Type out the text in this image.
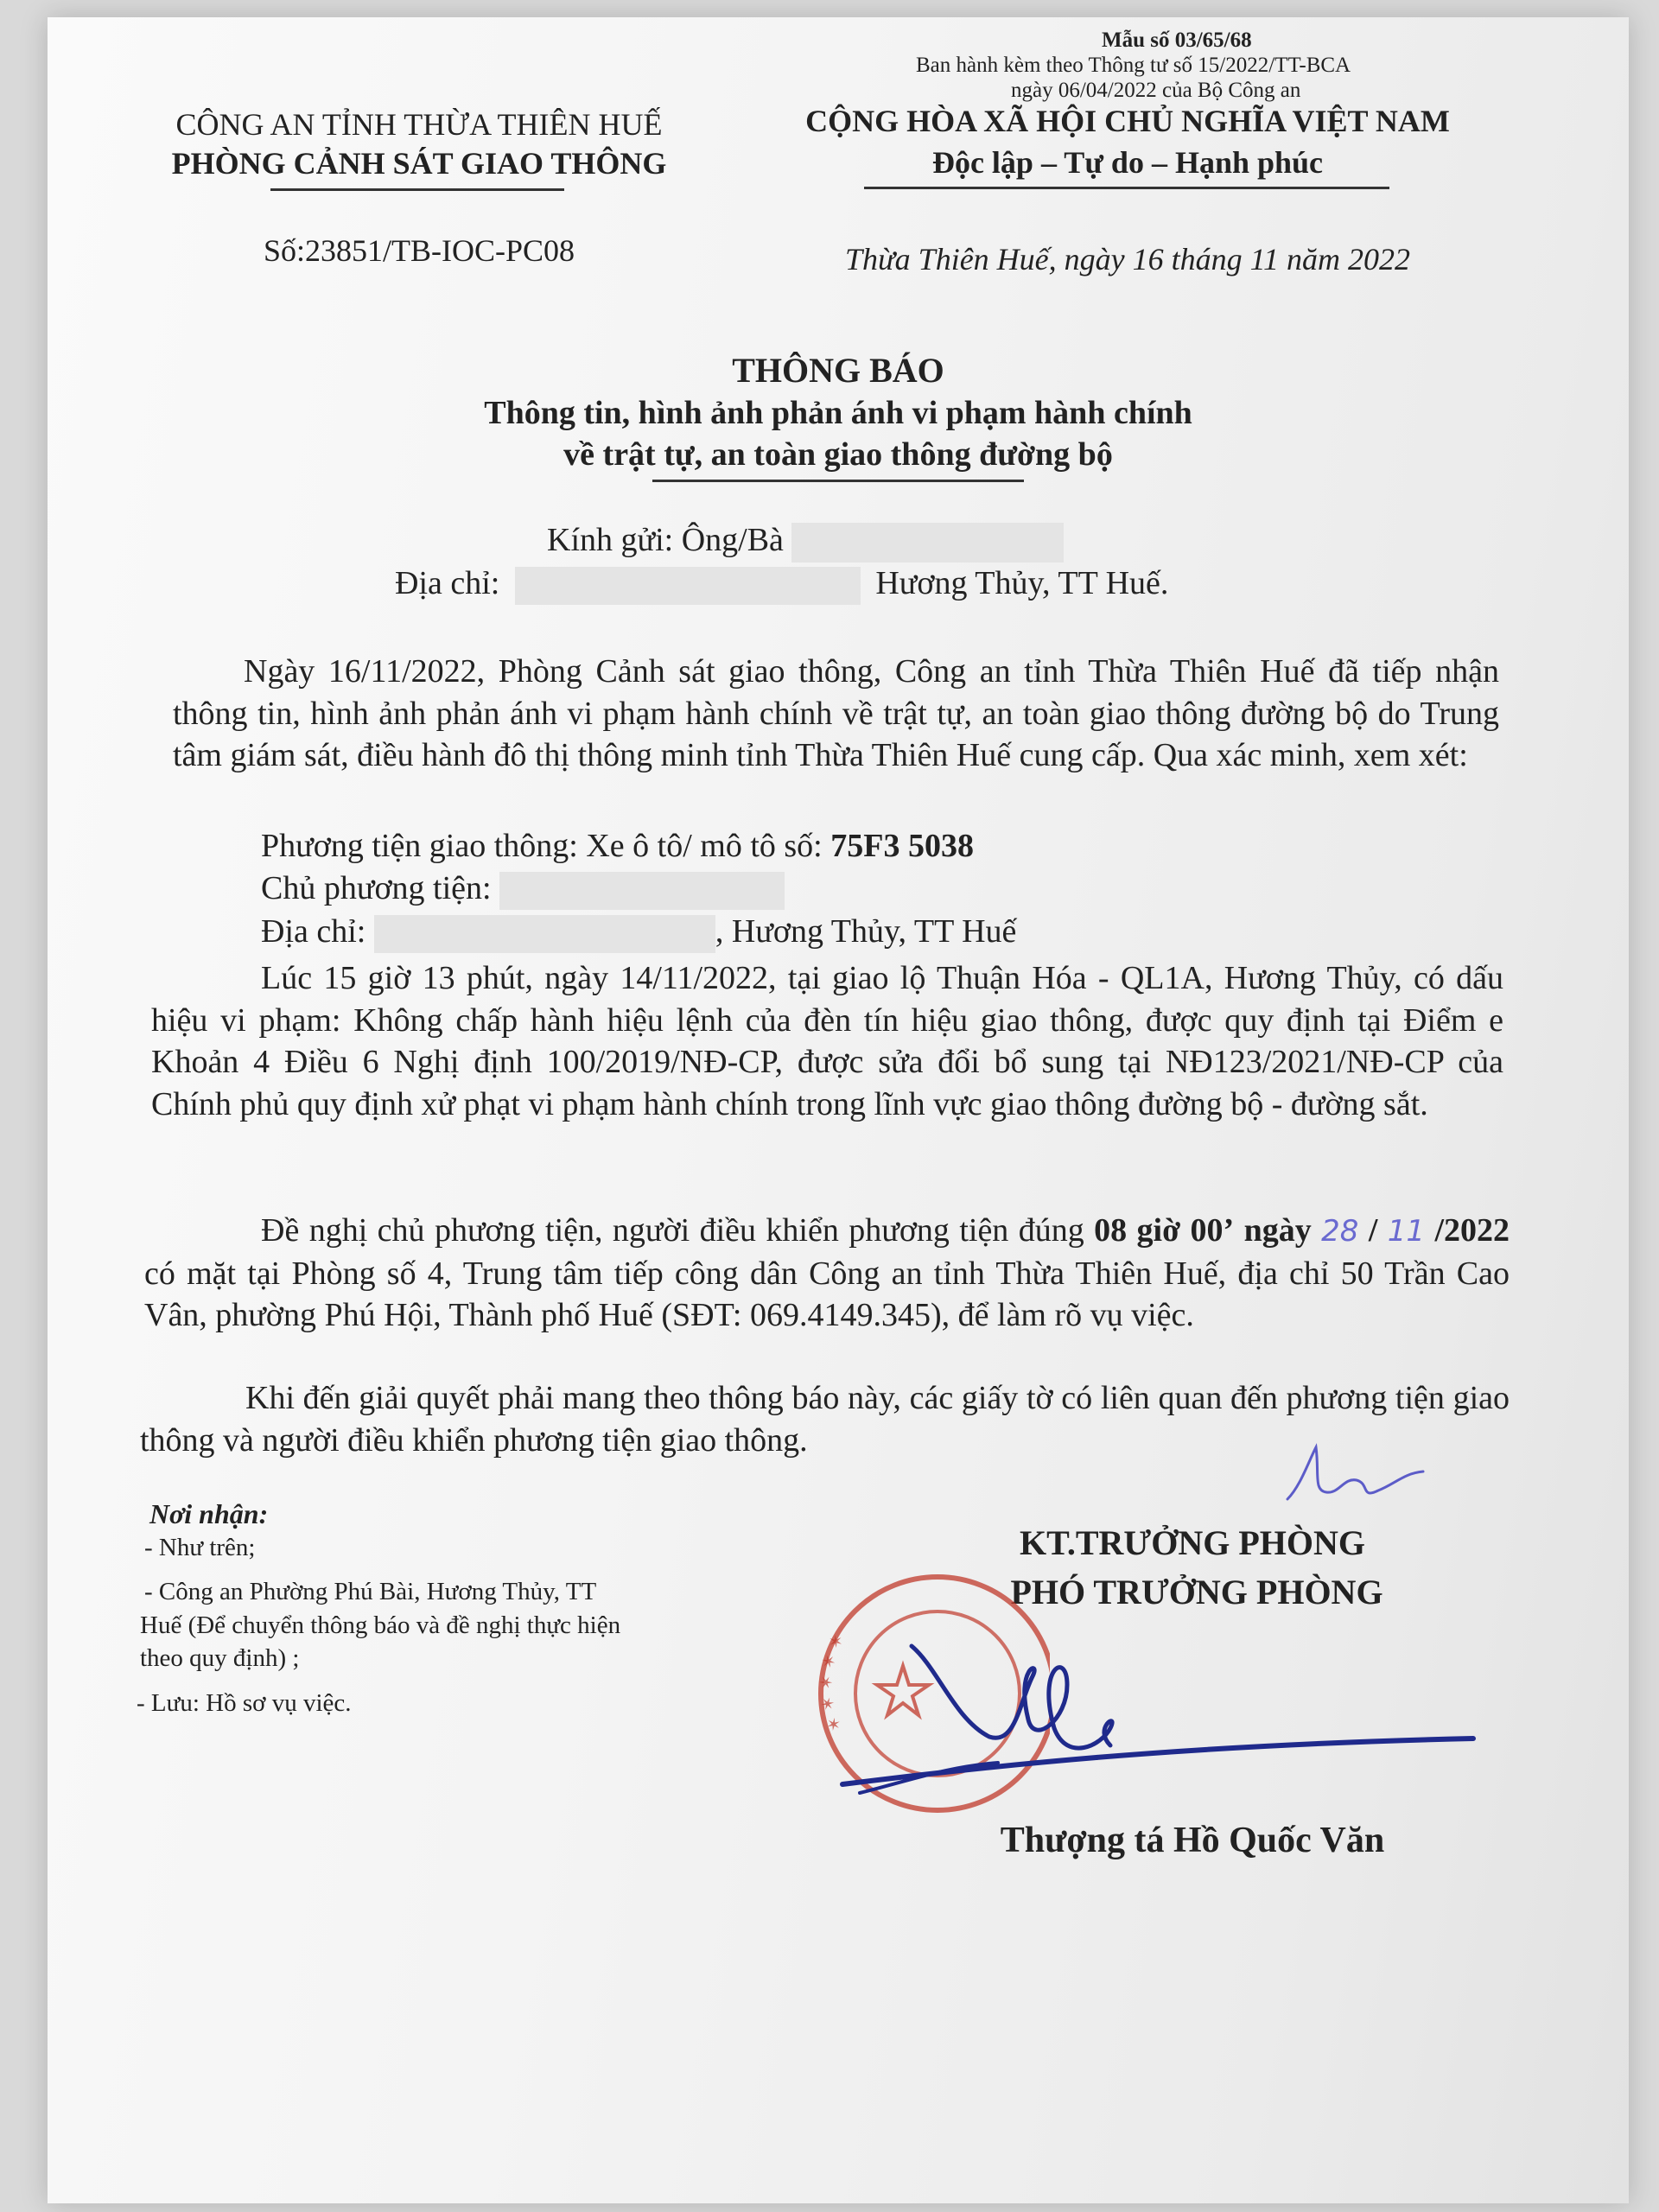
Mẫu số 03/65/68
Ban hành kèm theo Thông tư số 15/2022/TT-BCA
ngày 06/04/2022 của Bộ Công an
CÔNG AN TỈNH THỪA THIÊN HUẾ
PHÒNG CẢNH SÁT GIAO THÔNG
Số:23851/TB-IOC-PC08
CỘNG HÒA XÃ HỘI CHỦ NGHĨA VIỆT NAM
Độc lập – Tự do – Hạnh phúc
Thừa Thiên Huế, ngày 16 tháng 11 năm 2022
THÔNG BÁO
Thông tin, hình ảnh phản ánh vi phạm hành chính
về trật tự, an toàn giao thông đường bộ
Kính gửi: Ông/Bà
Địa chỉ:	Hương Thủy, TT Huế.
Ngày 16/11/2022, Phòng Cảnh sát giao thông, Công an tỉnh Thừa Thiên Huế đã tiếp nhận thông tin, hình ảnh phản ánh vi phạm hành chính về trật tự, an toàn giao thông đường bộ do Trung tâm giám sát, điều hành đô thị thông minh tỉnh Thừa Thiên Huế cung cấp. Qua xác minh, xem xét:
Phương tiện giao thông: Xe ô tô/ mô tô số: 75F3 5038
Chủ phương tiện:
Địa chỉ:	, Hương Thủy, TT Huế
Lúc 15 giờ 13 phút, ngày 14/11/2022, tại giao lộ Thuận Hóa - QL1A, Hương Thủy, có dấu hiệu vi phạm: Không chấp hành hiệu lệnh của đèn tín hiệu giao thông, được quy định tại Điểm e Khoản 4 Điều 6 Nghị định 100/2019/NĐ-CP, được sửa đổi bổ sung tại NĐ123/2021/NĐ-CP của Chính phủ quy định xử phạt vi phạm hành chính trong lĩnh vực giao thông đường bộ - đường sắt.
Đề nghị chủ phương tiện, người điều khiển phương tiện đúng 08 giờ 00’ ngày 28 / 11 /2022 có mặt tại Phòng số 4, Trung tâm tiếp công dân Công an tỉnh Thừa Thiên Huế, địa chỉ 50 Trần Cao Vân, phường Phú Hội, Thành phố Huế (SĐT: 069.4149.345), để làm rõ vụ việc.
Khi đến giải quyết phải mang theo thông báo này, các giấy tờ có liên quan đến phương tiện giao thông và người điều khiển phương tiện giao thông.
Nơi nhận:
- Như trên;
- Công an Phường Phú Bài, Hương Thủy, TT
Huế (Để chuyển thông báo và đề nghị thực hiện
theo quy định) ;
- Lưu: Hồ sơ vụ việc.
KT.TRƯỞNG PHÒNG
PHÓ TRƯỞNG PHÒNG
✶ ✶ ✶ ✶ ✶
Thượng tá Hồ Quốc Văn
